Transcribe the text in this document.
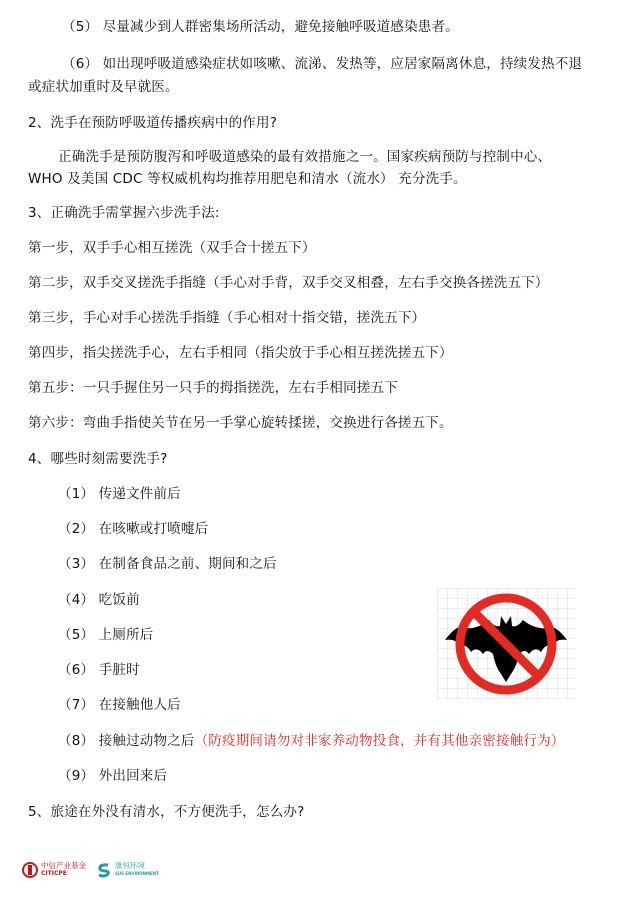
（5） 尽量减少到人群密集场所活动，避免接触呼吸道感染患者。
（6） 如出现呼吸道感染症状如咳嗽、流涕、发热等，应居家隔离休息，持续发热不退
或症状加重时及早就医。
2、洗手在预防呼吸道传播疾病中的作用?
正确洗手是预防腹泻和呼吸道感染的最有效措施之一。国家疾病预防与控制中心、
WHO 及美国 CDC 等权威机构均推荐用肥皂和清水（流水） 充分洗手。
3、正确洗手需掌握六步洗手法:
第一步，双手手心相互搓洗（双手合十搓五下）
第二步，双手交叉搓洗手指缝（手心对手背，双手交叉相叠，左右手交换各搓洗五下）
第三步，手心对手心搓洗手指缝（手心相对十指交错，搓洗五下）
第四步，指尖搓洗手心，左右手相同（指尖放于手心相互搓洗搓五下）
第五步：一只手握住另一只手的拇指搓洗，左右手相同搓五下
第六步：弯曲手指使关节在另一手掌心旋转揉搓，交换进行各搓五下。
4、哪些时刻需要洗手?
（1） 传递文件前后
（2） 在咳嗽或打喷嚏后
（3） 在制备食品之前、期间和之后
（4） 吃饭前
（5） 上厕所后
（6） 手脏时
（7） 在接触他人后
（8） 接触过动物之后（防疫期间请勿对非家养动物投食，并有其他亲密接触行为）
（9） 外出回来后
5、旅途在外没有清水，不方便洗手，怎么办?
中信产业基金
CITICPE
康恒环境
SUS ENVIRONMENT
